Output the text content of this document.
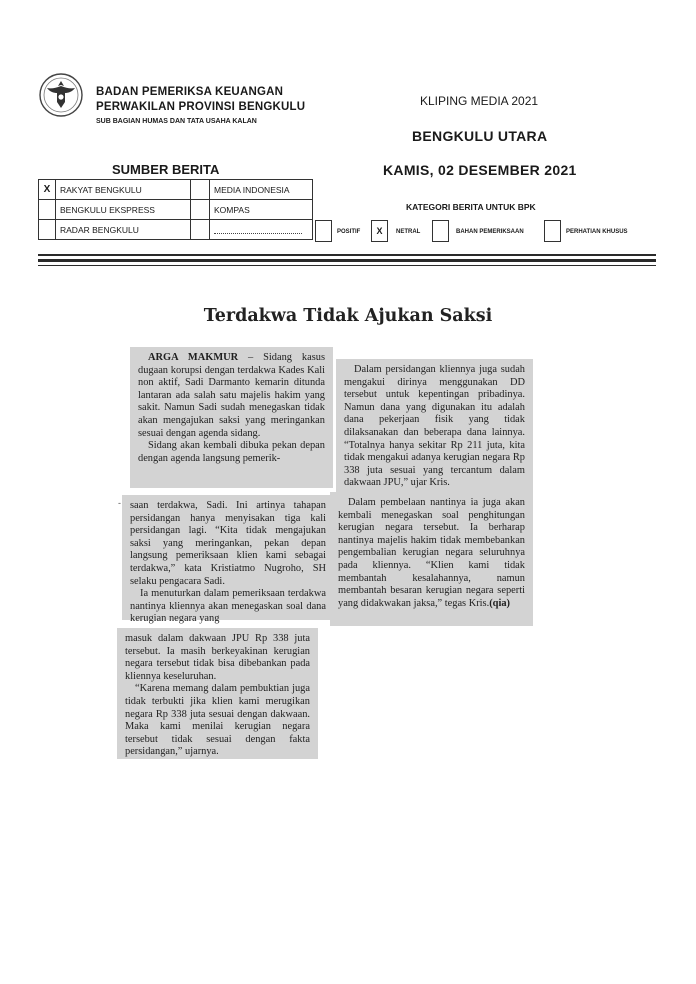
BADAN PEMERIKSA KEUANGAN
PERWAKILAN PROVINSI BENGKULU
SUB BAGIAN HUMAS DAN TATA USAHA KALAN
KLIPING MEDIA 2021
BENGKULU UTARA
KAMIS, 02 DESEMBER 2021
SUMBER BERITA
X	RAKYAT BENGKULU		MEDIA INDONESIA
	BENGKULU EKSPRESS		KOMPAS
	RADAR BENGKULU		
KATEGORI BERITA UNTUK BPK
POSITIF	X	NETRAL	BAHAN PEMERIKSAAN	PERHATIAN KHUSUS
Terdakwa Tidak Ajukan Saksi

ARGA MAKMUR – Sidang kasus dugaan korupsi dengan terdakwa Kades Kali non aktif, Sadi Darmanto kemarin ditunda lantaran ada salah satu majelis hakim yang sakit. Namun Sadi sudah menegaskan tidak akan mengajukan saksi yang meringankan sesuai dengan agenda sidang.

Sidang akan kembali dibuka pekan depan dengan agenda langsung pemerik-

- saan terdakwa, Sadi. Ini artinya tahapan persidangan hanya menyisakan tiga kali persidangan lagi. “Kita tidak mengajukan saksi yang meringankan, pekan depan langsung pemeriksaan klien kami sebagai terdakwa,” kata Kristiatmo Nugroho, SH selaku pengacara Sadi.

Ia menuturkan dalam pemeriksaan terdakwa nantinya kliennya akan menegaskan soal dana kerugian negara yang

masuk dalam dakwaan JPU Rp 338 juta tersebut. Ia masih berkeyakinan kerugian negara tersebut tidak bisa dibebankan pada kliennya keseluruhan.

“Karena memang dalam pembuktian juga tidak terbukti jika klien kami merugikan negara Rp 338 juta sesuai dengan dakwaan. Maka kami menilai kerugian negara tersebut tidak sesuai dengan fakta persidangan,” ujarnya.

Dalam persidangan kliennya juga sudah mengakui dirinya menggunakan DD tersebut untuk kepentingan pribadinya. Namun dana yang digunakan itu adalah dana pekerjaan fisik yang tidak dilaksanakan dan beberapa dana lainnya. “Totalnya hanya sekitar Rp 211 juta, kita tidak mengakui adanya kerugian negara Rp 338 juta sesuai yang tercantum dalam dakwaan JPU,” ujar Kris.

Dalam pembelaan nantinya ia juga akan kembali menegaskan soal penghitungan kerugian negara tersebut. Ia berharap nantinya majelis hakim tidak membebankan pengembalian kerugian negara seluruhnya pada kliennya. “Klien kami tidak membantah kesalahannya, namun membantah besaran kerugian negara seperti yang didakwakan jaksa,” tegas Kris.(qia)
